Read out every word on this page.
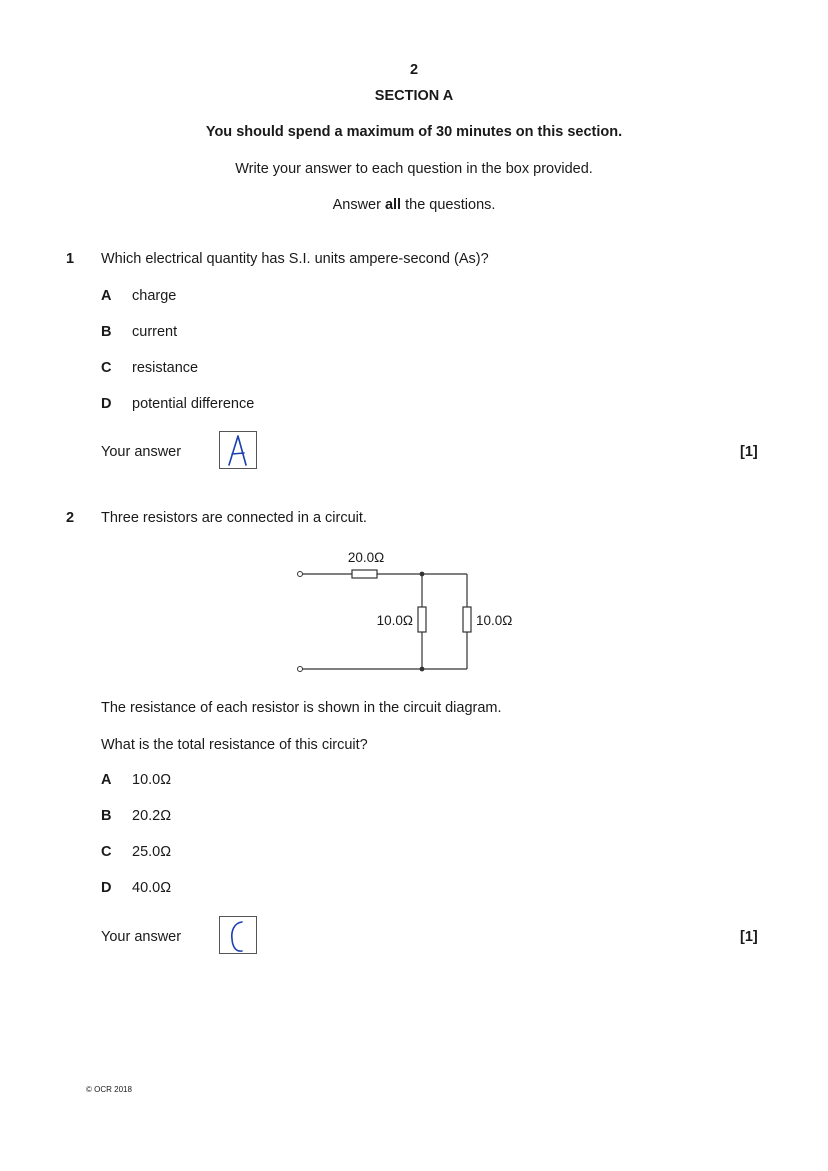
2
SECTION A
You should spend a maximum of 30 minutes on this section.
Write your answer to each question in the box provided.
Answer all the questions.
1 Which electrical quantity has S.I. units ampere-second (As)?
A charge
B current
C resistance
D potential difference
Your answer	[1]
2 Three resistors are connected in a circuit.
20.0Ω
10.0Ω	10.0Ω
The resistance of each resistor is shown in the circuit diagram.
What is the total resistance of this circuit?
A 10.0Ω
B 20.2Ω
C 25.0Ω
D 40.0Ω
Your answer	[1]
© OCR 2018
